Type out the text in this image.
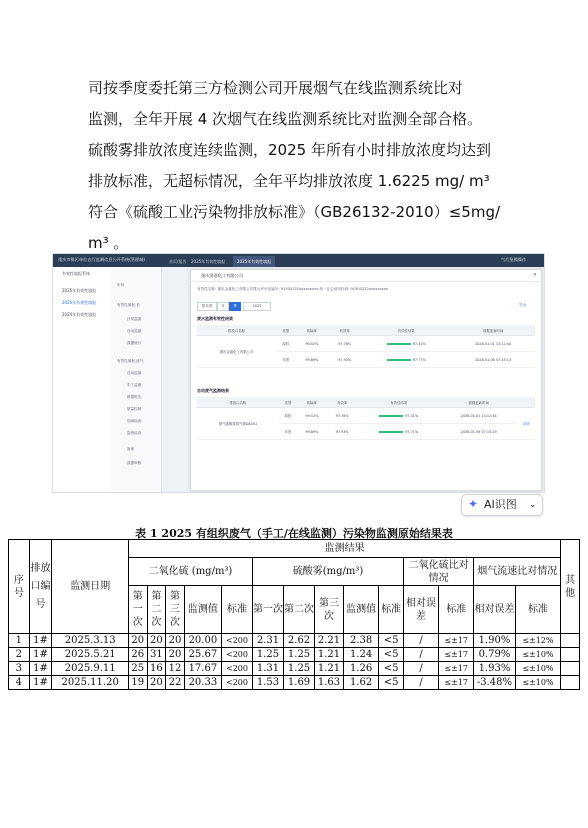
司按季度委托第三方检测公司开展烟气在线监测系统比对

监测，全年开展 4 次烟气在线监测系统比对监测全部合格。

硫酸雾排放浓度连续监测，2025 年所有小时排放浓度均达到

排放标准，无超标情况，全年平均排放浓度 1.6225 mg/ m³

符合《硫酸工业污染物排放标准》（GB26132-2010）≤5mg/

m³ 。

重庆市排污单位自行监测信息公开系统(管理端)	首页/报告	2025年有效性填报	2025年有效性填报	气后鉴摸操作
有效性填报系统
2025年有效性填报
2025年有效性填报
2024年有效性填报
年份
有效性填报-自
日常监测
自动监测
数据统计
有效性填报-废气
自动监测
手工监测
数据报告
质量控制
现场检查
监督检查
备案
数据审核
重庆金嘉化工有限公司	×
有效性名称: 重庆金嘉化工有限公司排污许可证编号: 91500222xxxxxxxxx 统一社会信用代码: 91500222xxxxxxxxx
按年度	月	季	2025	导出
废水监测有效性结果
排放口名称	类型	传输率	有效率	有效性结果	数据更新时间
重庆金嘉化工有限公司	原料	99.52%	97.78%	97.31%	2026-01-01 13:12:44
	年度	99.89%	97.93%	97.77%	2026-01-06 07:15:13
自动废气监测结果
排放口名称	类型	传输率	有效率	有效性结果	数据更新时间	
烟气硫酸雾排气筒DA001	原料	99.52%	97.78%	97.31%	2026-01-01 13:12:44	详情
	年度	99.89%	97.93%	97.71%	2026-01-06 07:15:29	
✦ AI识图 ⌄
表 1 2025 有组织废气（手工/在线监测）污染物监测原始结果表
序号	排放口编号	监测日期	监测结果														其他
			二氧化硫 (mg/m³)					硫酸雾(mg/m³)					二氧化硫比对情况		烟气流速比对情况		
			第一次	第二次	第三次	监测值	标准	第一次	第二次	第三次	监测值	标准	相对误差	标准	相对误差	标准	

1	1#	2025.3.13	20	20	20	20.00	<200	2.31	2.62	2.21	2.38	<5	/	≤±17	1.90%	≤±12%	
2	1#	2025.5.21	26	31	20	25.67	<200	1.25	1.25	1.21	1.24	<5	/	≤±17	0.79%	≤±10%	
3	1#	2025.9.11	25	16	12	17.67	<200	1.31	1.25	1.21	1.26	<5	/	≤±17	1.93%	≤±10%	
4	1#	2025.11.20	19	20	22	20.33	<200	1.53	1.69	1.63	1.62	<5	/	≤±17	-3.48%	≤±10%	
